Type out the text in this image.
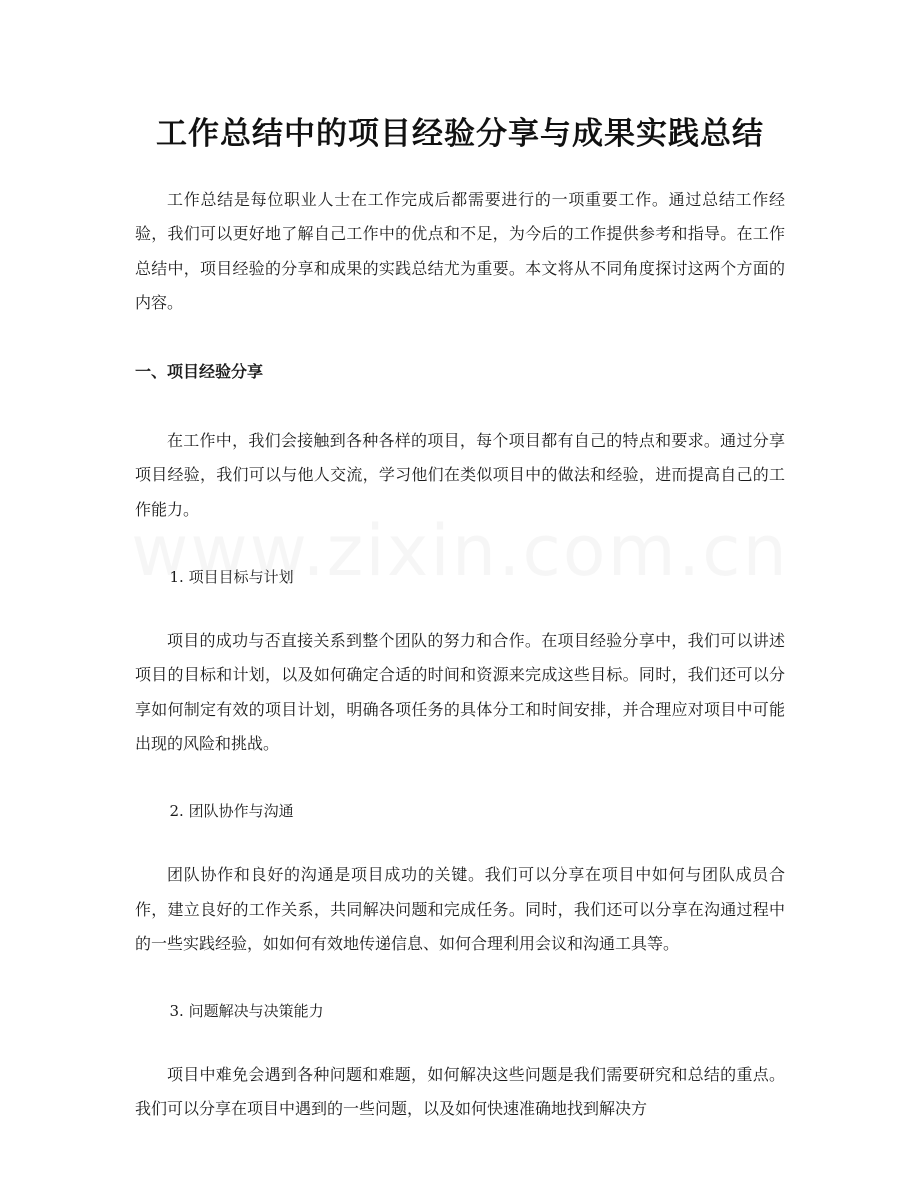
工作总结中的项目经验分享与成果实践总结

工作总结是每位职业人士在工作完成后都需要进行的一项重要工作。通过总结工作经验，我们可以更好地了解自己工作中的优点和不足，为今后的工作提供参考和指导。在工作总结中，项目经验的分享和成果的实践总结尤为重要。本文将从不同角度探讨这两个方面的内容。

一、项目经验分享

在工作中，我们会接触到各种各样的项目，每个项目都有自己的特点和要求。通过分享项目经验，我们可以与他人交流，学习他们在类似项目中的做法和经验，进而提高自己的工作能力。

1. 项目目标与计划

项目的成功与否直接关系到整个团队的努力和合作。在项目经验分享中，我们可以讲述项目的目标和计划，以及如何确定合适的时间和资源来完成这些目标。同时，我们还可以分享如何制定有效的项目计划，明确各项任务的具体分工和时间安排，并合理应对项目中可能出现的风险和挑战。

2. 团队协作与沟通

团队协作和良好的沟通是项目成功的关键。我们可以分享在项目中如何与团队成员合作，建立良好的工作关系，共同解决问题和完成任务。同时，我们还可以分享在沟通过程中的一些实践经验，如如何有效地传递信息、如何合理利用会议和沟通工具等。

3. 问题解决与决策能力

项目中难免会遇到各种问题和难题，如何解决这些问题是我们需要研究和总结的重点。我们可以分享在项目中遇到的一些问题，以及如何快速准确地找到解决方
